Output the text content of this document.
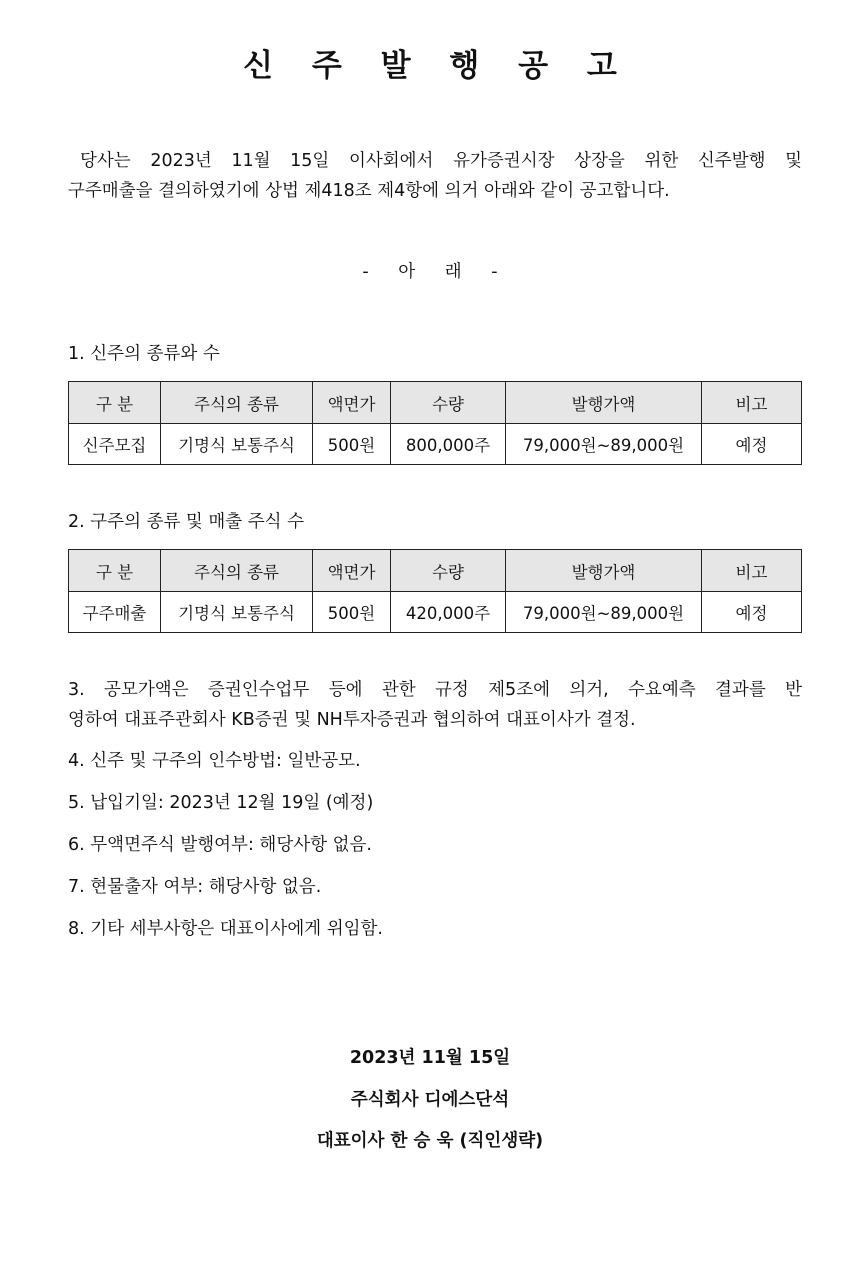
신 주 발 행 공 고
당사는 2023년 11월 15일 이사회에서 유가증권시장 상장을 위한 신주발행 및
구주매출을 결의하였기에 상법 제418조 제4항에 의거 아래와 같이 공고합니다.
- 아 래 -
1. 신주의 종류와 수
구 분	주식의 종류	액면가	수량	발행가액	비고
신주모집	기명식 보통주식	500원	800,000주	79,000원~89,000원	예정
2. 구주의 종류 및 매출 주식 수
구 분	주식의 종류	액면가	수량	발행가액	비고
구주매출	기명식 보통주식	500원	420,000주	79,000원~89,000원	예정
3. 공모가액은 증권인수업무 등에 관한 규정 제5조에 의거, 수요예측 결과를 반
영하여 대표주관회사 KB증권 및 NH투자증권과 협의하여 대표이사가 결정.
4. 신주 및 구주의 인수방법: 일반공모.
5. 납입기일: 2023년 12월 19일 (예정)
6. 무액면주식 발행여부: 해당사항 없음.
7. 현물출자 여부: 해당사항 없음.
8. 기타 세부사항은 대표이사에게 위임함.
2023년 11월 15일
주식회사 디에스단석
대표이사 한 승 욱 (직인생략)
